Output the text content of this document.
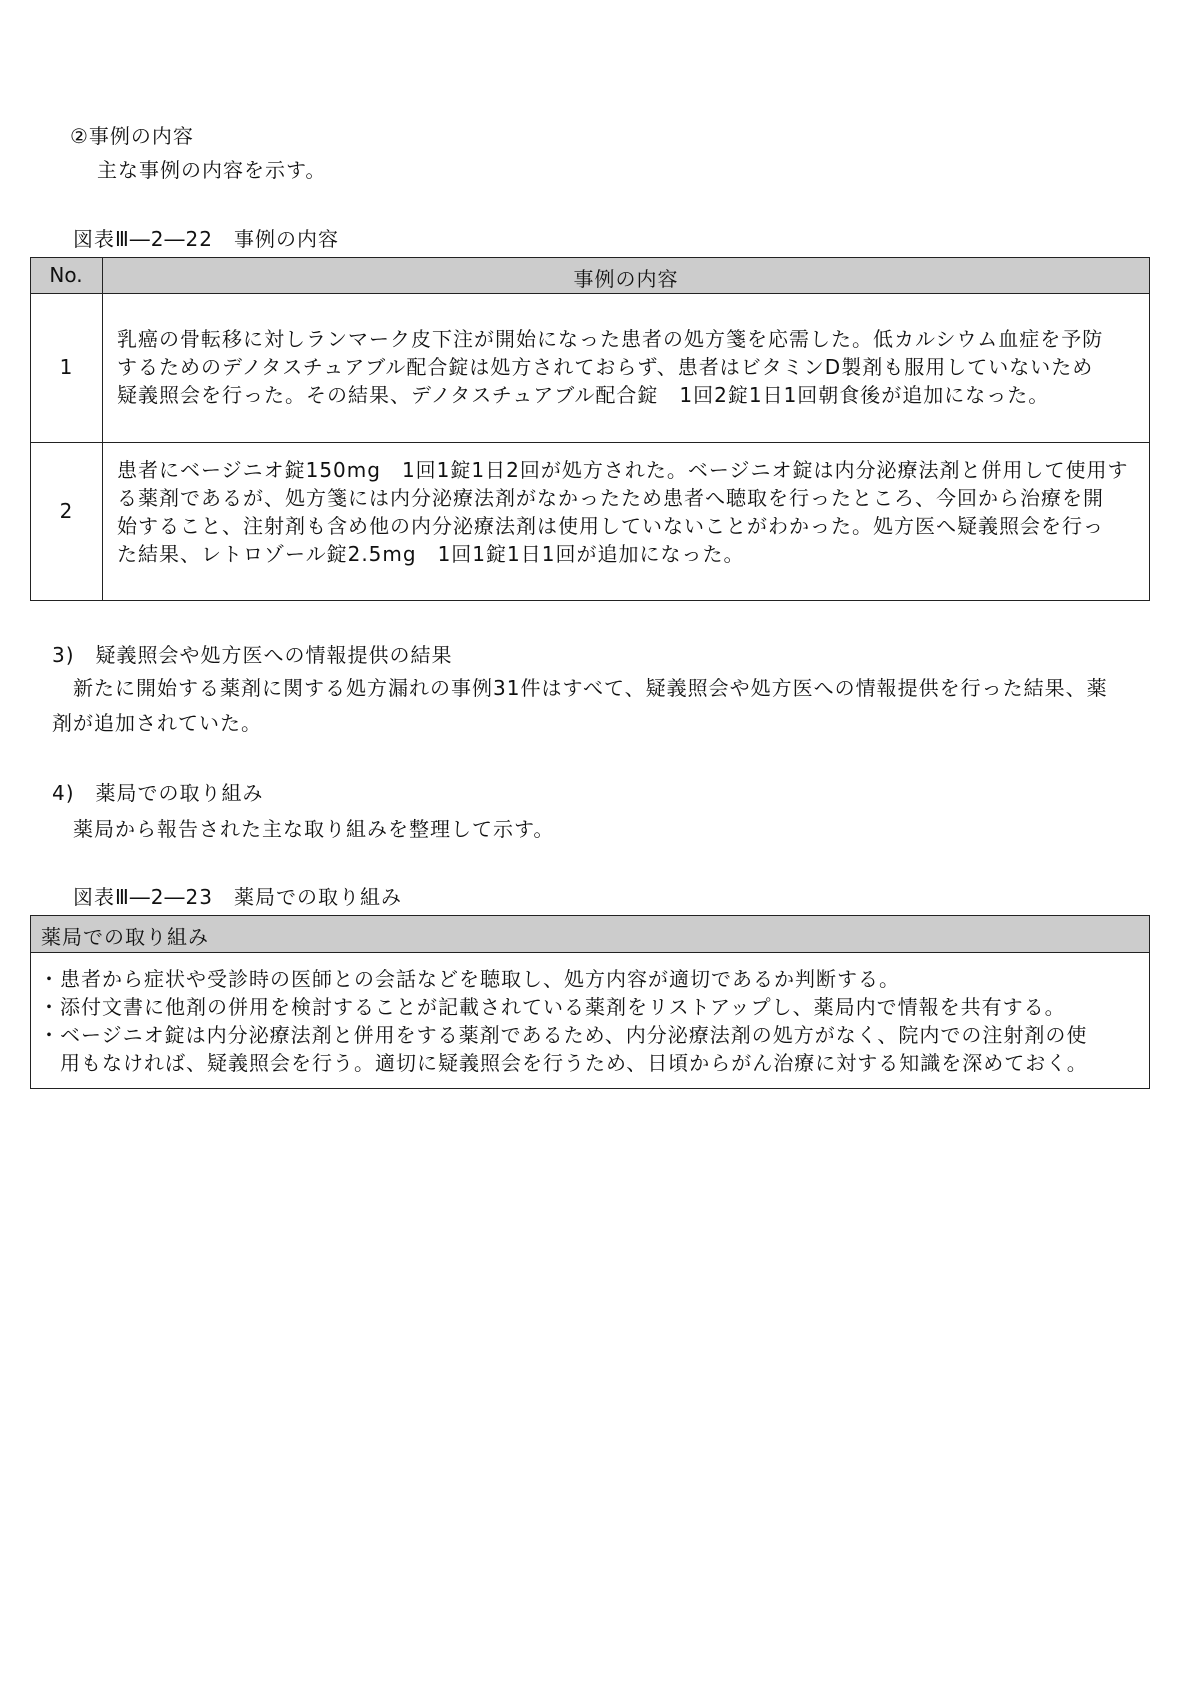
②事例の内容
主な事例の内容を示す。
図表Ⅲ―2―22　事例の内容
No.	事例の内容
1
乳癌の骨転移に対しランマーク皮下注が開始になった患者の処方箋を応需した。低カルシウム血症を予防
するためのデノタスチュアブル配合錠は処方されておらず、患者はビタミンD製剤も服用していないため
疑義照会を行った。その結果、デノタスチュアブル配合錠　1回2錠1日1回朝食後が追加になった。
2
患者にベージニオ錠150mg　1回1錠1日2回が処方された。ベージニオ錠は内分泌療法剤と併用して使用す
る薬剤であるが、処方箋には内分泌療法剤がなかったため患者へ聴取を行ったところ、今回から治療を開
始すること、注射剤も含め他の内分泌療法剤は使用していないことがわかった。処方医へ疑義照会を行っ
た結果、レトロゾール錠2.5mg　1回1錠1日1回が追加になった。
3)　疑義照会や処方医への情報提供の結果
新たに開始する薬剤に関する処方漏れの事例31件はすべて、疑義照会や処方医への情報提供を行った結果、薬
剤が追加されていた。
4)　薬局での取り組み
薬局から報告された主な取り組みを整理して示す。
図表Ⅲ―2―23　薬局での取り組み
薬局での取り組み
・患者から症状や受診時の医師との会話などを聴取し、処方内容が適切であるか判断する。
・添付文書に他剤の併用を検討することが記載されている薬剤をリストアップし、薬局内で情報を共有する。
・ベージニオ錠は内分泌療法剤と併用をする薬剤であるため、内分泌療法剤の処方がなく、院内での注射剤の使
　用もなければ、疑義照会を行う。適切に疑義照会を行うため、日頃からがん治療に対する知識を深めておく。
